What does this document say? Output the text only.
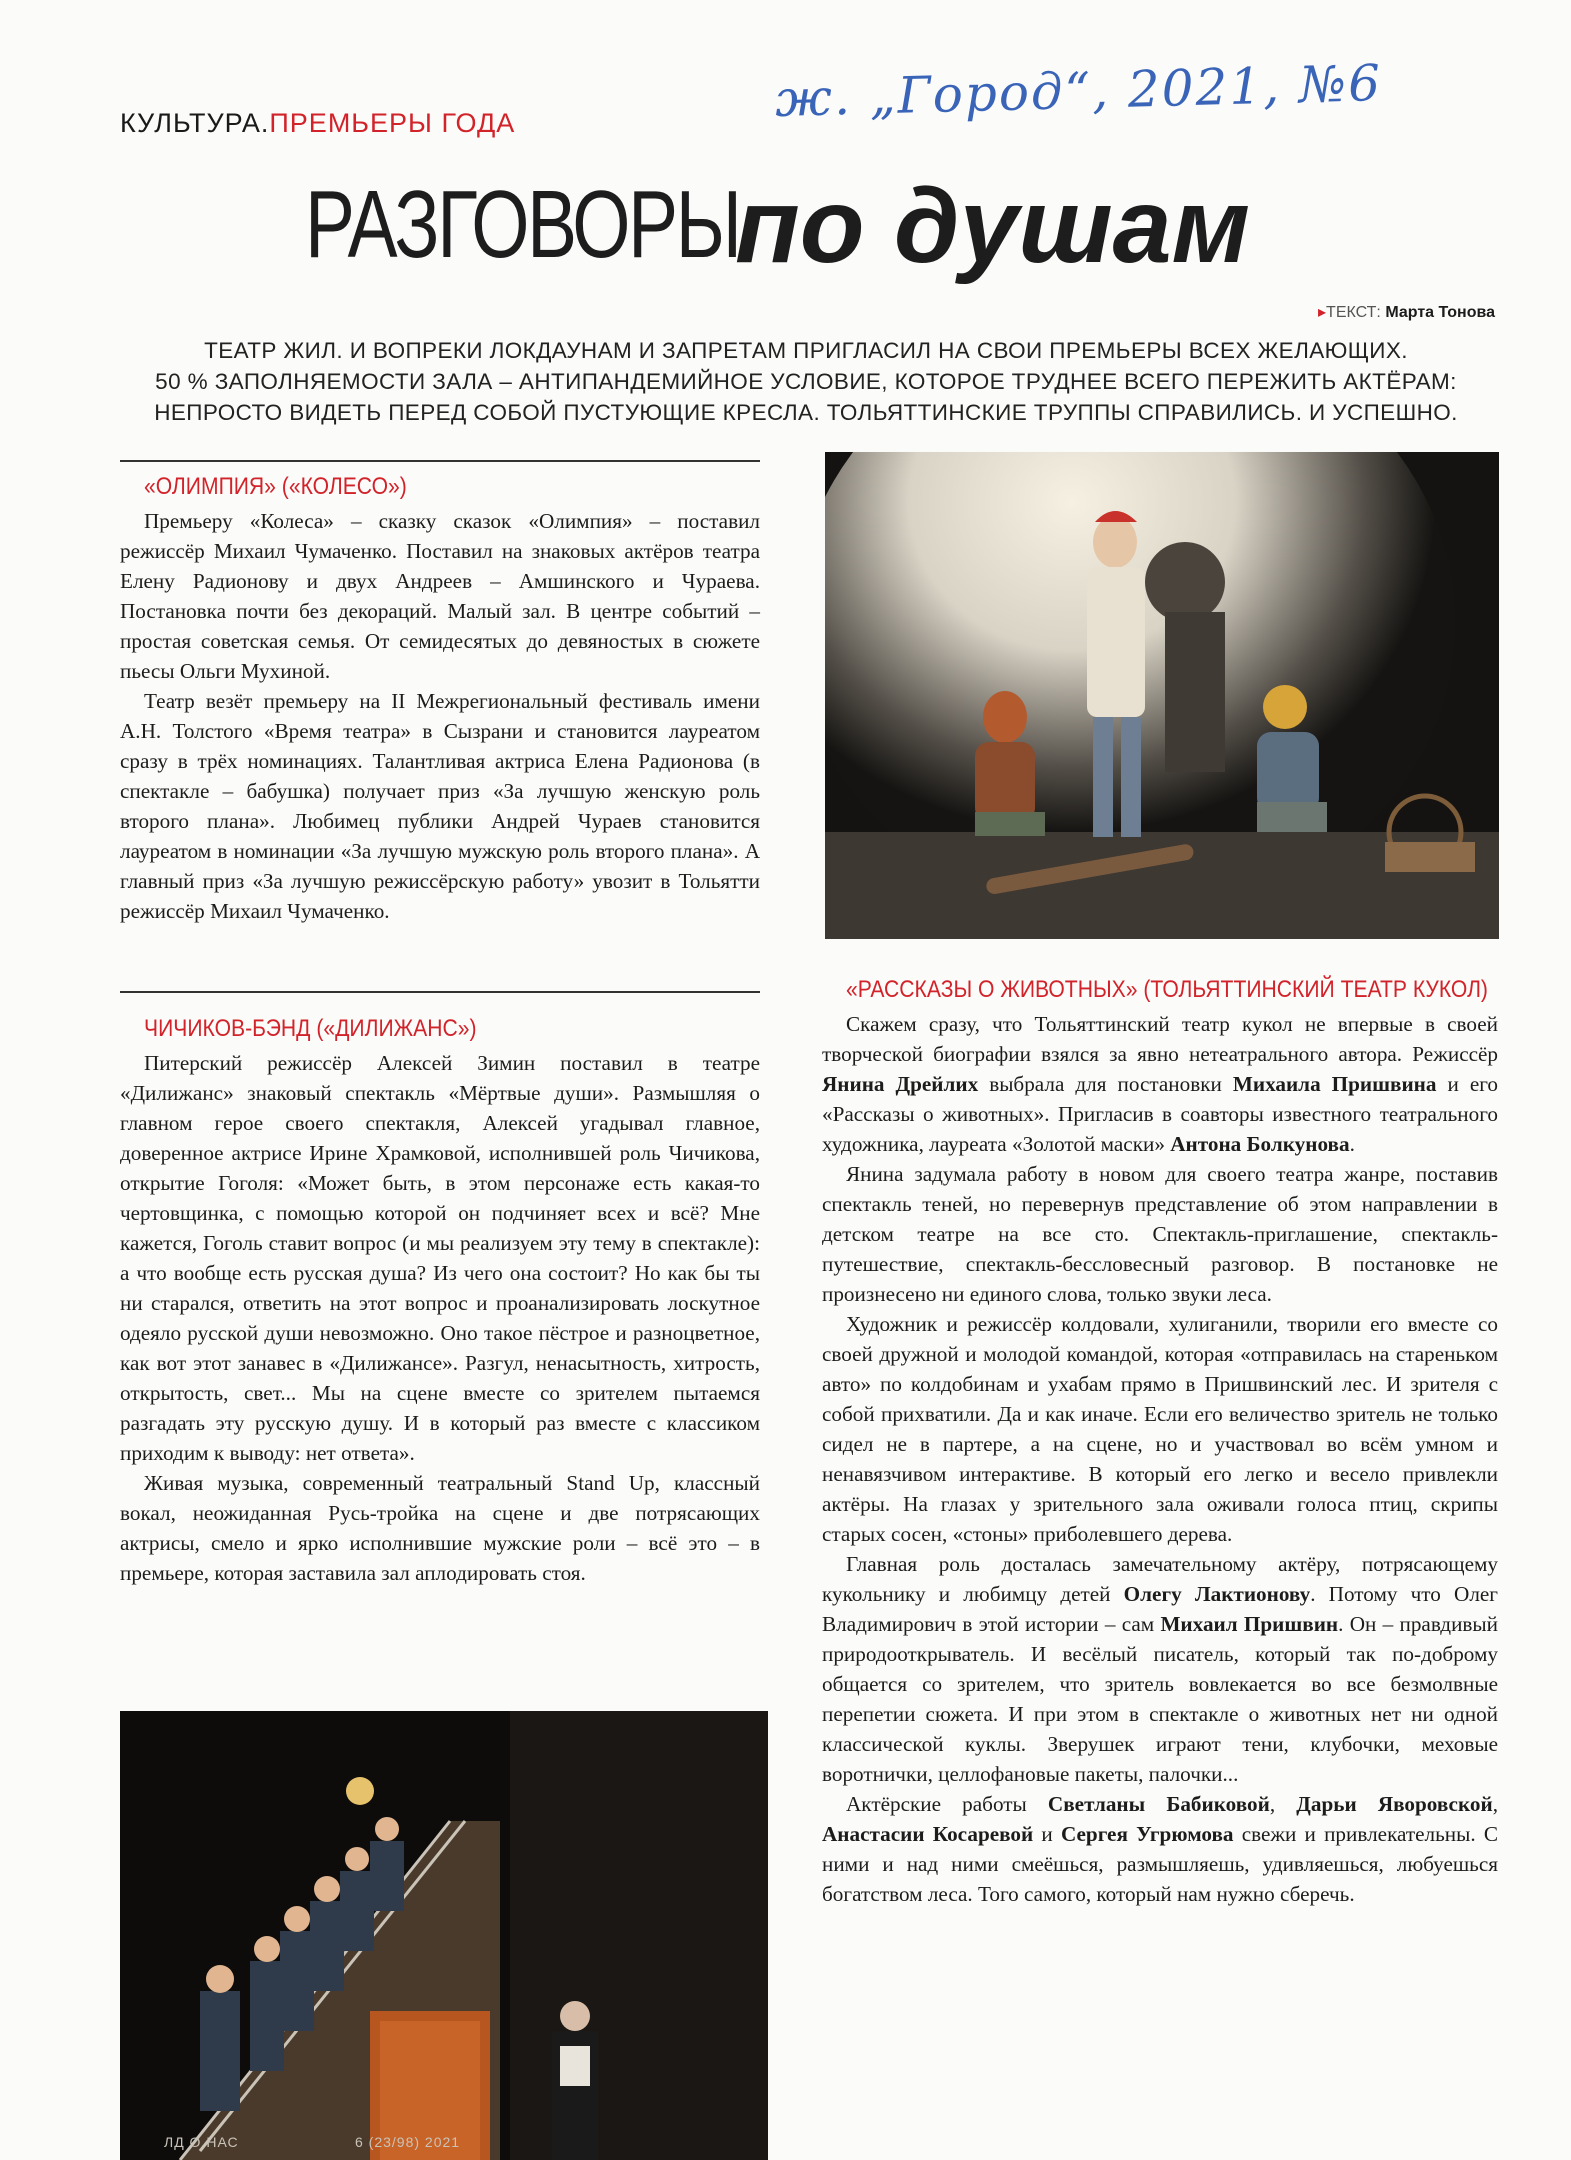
КУЛЬТУРА.ПРЕМЬЕРЫ ГОДА	ж. „Город“, 2021, №6
РАЗГОВОРЫ
по душам
▸ТЕКСТ: Марта Тонова
ТЕАТР ЖИЛ. И ВОПРЕКИ ЛОКДАУНАМ И ЗАПРЕТАМ ПРИГЛАСИЛ НА СВОИ ПРЕМЬЕРЫ ВСЕХ ЖЕЛАЮЩИХ.
50 % ЗАПОЛНЯЕМОСТИ ЗАЛА – АНТИПАНДЕМИЙНОЕ УСЛОВИЕ, КОТОРОЕ ТРУДНЕЕ ВСЕГО ПЕРЕЖИТЬ АКТЁРАМ:
НЕПРОСТО ВИДЕТЬ ПЕРЕД СОБОЙ ПУСТУЮЩИЕ КРЕСЛА. ТОЛЬЯТТИНСКИЕ ТРУППЫ СПРАВИЛИСЬ. И УСПЕШНО.
«ОЛИМПИЯ» («КОЛЕСО»)

Премьеру «Колеса» – сказку сказок «Олимпия» – поставил режиссёр Михаил Чумаченко. Поставил на знаковых актёров театра Елену Радионову и двух Андреев – Амшинского и Чураева. Постановка почти без декораций. Малый зал. В центре событий – простая советская семья. От семидесятых до девяностых в сюжете пьесы Ольги Мухиной.

Театр везёт премьеру на II Межрегиональный фестиваль имени А.Н. Толстого «Время театра» в Сызрани и становится лауреатом сразу в трёх номинациях. Талантливая актриса Елена Радионова (в спектакле – бабушка) получает приз «За лучшую женскую роль второго плана». Любимец публики Андрей Чураев становится лауреатом в номинации «За лучшую мужскую роль второго плана». А главный приз «За лучшую режиссёрскую работу» увозит в Тольятти режиссёр Михаил Чумаченко.

ЧИЧИКОВ-БЭНД («ДИЛИЖАНС»)

Питерский режиссёр Алексей Зимин поставил в театре «Дилижанс» знаковый спектакль «Мёртвые души». Размышляя о главном герое своего спектакля, Алексей угадывал главное, доверенное актрисе Ирине Храмковой, исполнившей роль Чичикова, открытие Гоголя: «Может быть, в этом персонаже есть какая-то чертовщинка, с помощью которой он подчиняет всех и всё? Мне кажется, Гоголь ставит вопрос (и мы реализуем эту тему в спектакле): а что вообще есть русская душа? Из чего она состоит? Но как бы ты ни старался, ответить на этот вопрос и проанализировать лоскутное одеяло русской души невозможно. Оно такое пёстрое и разноцветное, как вот этот занавес в «Дилижансе». Разгул, ненасытность, хитрость, открытость, свет... Мы на сцене вместе со зрителем пытаемся разгадать эту русскую душу. И в который раз вместе с классиком приходим к выводу: нет ответа».

Живая музыка, современный театральный Stand Up, классный вокал, неожиданная Русь-тройка на сцене и две потрясающих актрисы, смело и ярко исполнившие мужские роли – всё это – в премьере, которая заставила зал аплодировать стоя.

ЛД О НАС	6 (23/98) 2021
«РАССКАЗЫ О ЖИВОТНЫХ» (ТОЛЬЯТТИНСКИЙ ТЕАТР КУКОЛ)

Скажем сразу, что Тольяттинский театр кукол не впервые в своей творческой биографии взялся за явно нетеатрального автора. Режиссёр Янина Дрейлих выбрала для постановки Михаила Пришвина и его «Рассказы о животных». Пригласив в соавторы известного театрального художника, лауреата «Золотой маски» Антона Болкунова.

Янина задумала работу в новом для своего театра жанре, поставив спектакль теней, но перевернув представление об этом направлении в детском театре на все сто. Спектакль-приглашение, спектакль-путешествие, спектакль-бессловесный разговор. В постановке не произнесено ни единого слова, только звуки леса.

Художник и режиссёр колдовали, хулиганили, творили его вместе со своей дружной и молодой командой, которая «отправилась на стареньком авто» по колдобинам и ухабам прямо в Пришвинский лес. И зрителя с собой прихватили. Да и как иначе. Если его величество зритель не только сидел не в партере, а на сцене, но и участвовал во всём умном и ненавязчивом интерактиве. В который его легко и весело привлекли актёры. На глазах у зрительного зала оживали голоса птиц, скрипы старых сосен, «стоны» приболевшего дерева.

Главная роль досталась замечательному актёру, потрясающему кукольнику и любимцу детей Олегу Лактионову. Потому что Олег Владимирович в этой истории – сам Михаил Пришвин. Он – правдивый природооткрыватель. И весёлый писатель, который так по-доброму общается со зрителем, что зритель вовлекается во все безмолвные перепетии сюжета. И при этом в спектакле о животных нет ни одной классической куклы. Зверушек играют тени, клубочки, меховые воротнички, целлофановые пакеты, палочки...

Актёрские работы Светланы Бабиковой, Дарьи Яворовской, Анастасии Косаревой и Сергея Угрюмова свежи и привлекательны. С ними и над ними смеёшься, размышляешь, удивляешься, любуешься богатством леса. Того самого, который нам нужно сберечь.
